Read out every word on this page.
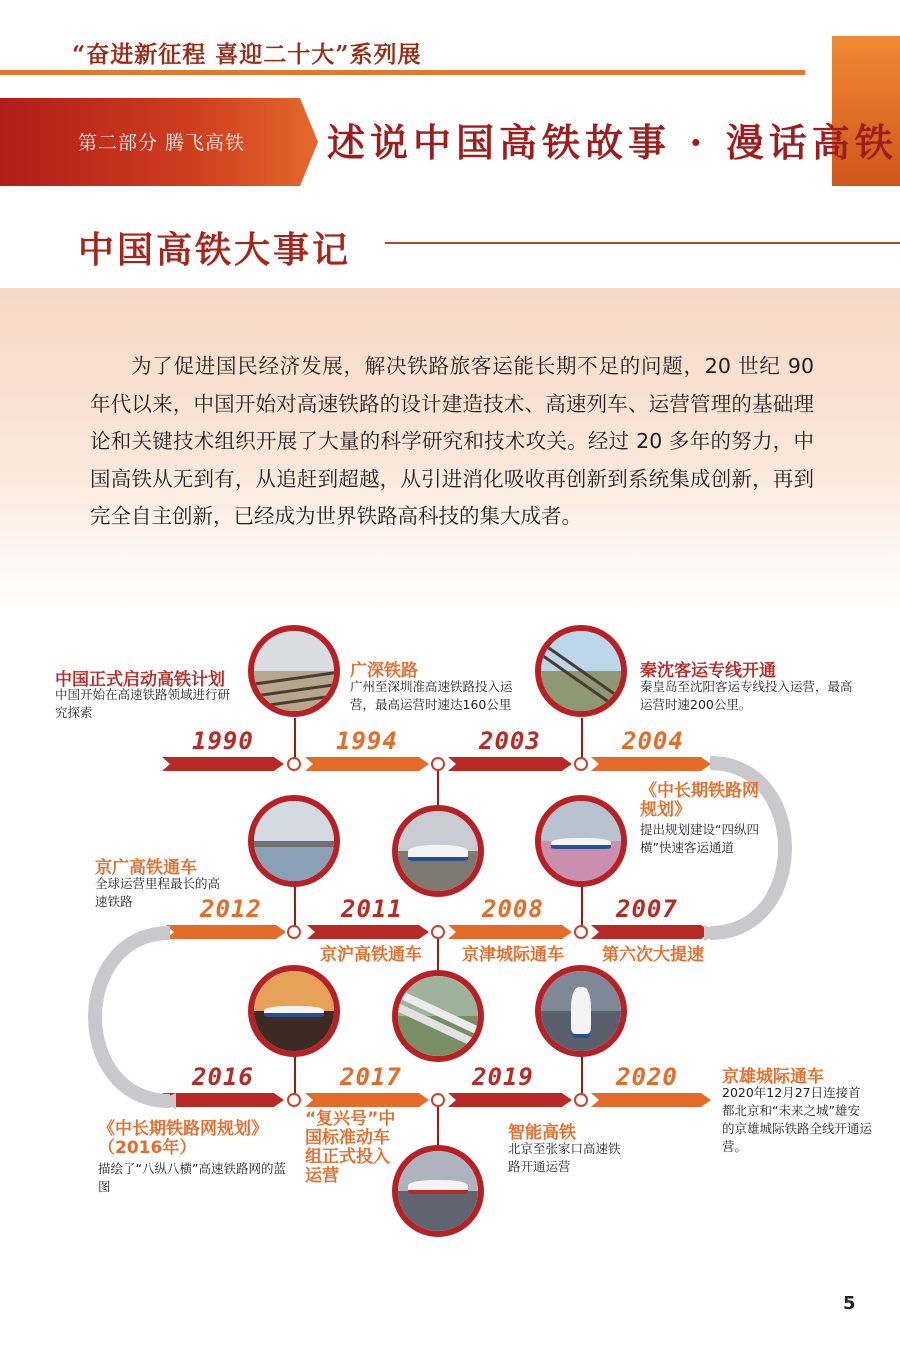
“奋进新征程 喜迎二十大”系列展
第二部分 腾飞高铁 述说中国高铁故事 · 漫话高铁
中国高铁大事记

为了促进国民经济发展，解决铁路旅客运能长期不足的问题，20 世纪 90 年代以来，中国开始对高速铁路的设计建造技术、高速列车、运营管理的基础理论和关键技术组织开展了大量的科学研究和技术攻关。经过 20 多年的努力，中国高铁从无到有，从追赶到超越，从引进消化吸收再创新到系统集成创新，再到完全自主创新，已经成为世界铁路高科技的集大成者。

1990	1994	2003	2004
2012	2011	2008	2007
2016	2017	2019	2020
中国正式启动高铁计划
中国开始在高速铁路领域进行研究探索
广深铁路
广州至深圳准高速铁路投入运营，最高运营时速达160公里
秦沈客运专线开通
秦皇岛至沈阳客运专线投入运营，最高运营时速200公里。
《中长期铁路网规划》
提出规划建设“四纵四横”快速客运通道
京广高铁通车
全球运营里程最长的高速铁路
京沪高铁通车 京津城际通车 第六次大提速
《中长期铁路网规划》（2016年）
描绘了“八纵八横”高速铁路网的蓝图
“复兴号”中国标准动车组正式投入运营
智能高铁
北京至张家口高速铁路开通运营
京雄城际通车
2020年12月27日连接首都北京和“未来之城”雄安的京雄城际铁路全线开通运营。
5
